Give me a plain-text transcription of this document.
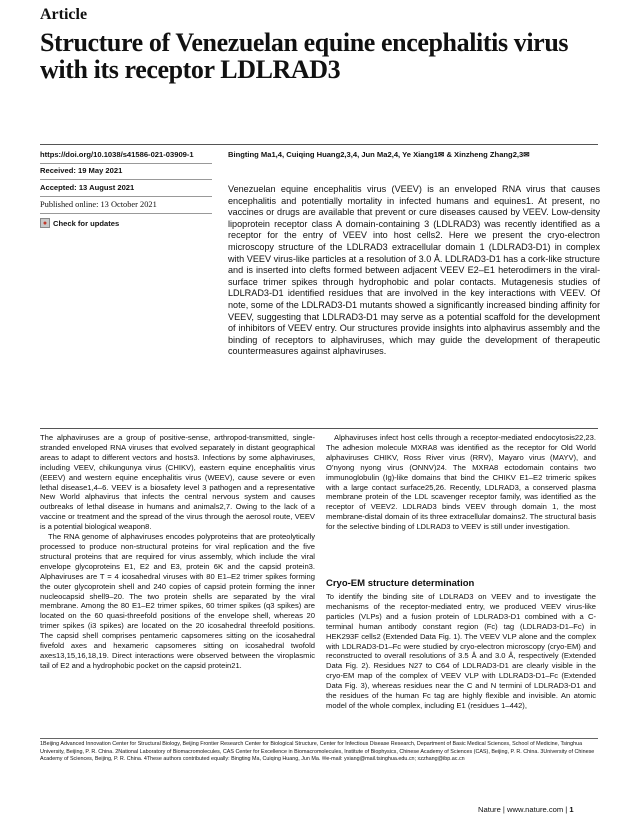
Article
Structure of Venezuelan equine encephalitis virus with its receptor LDLRAD3
https://doi.org/10.1038/s41586-021-03909-1
Received: 19 May 2021
Accepted: 13 August 2021
Published online: 13 October 2021
● Check for updates
Bingting Ma1,4, Cuiqing Huang2,3,4, Jun Ma2,4, Ye Xiang1✉ & Xinzheng Zhang2,3✉
Venezuelan equine encephalitis virus (VEEV) is an enveloped RNA virus that causes encephalitis and potentially mortality in infected humans and equines1. At present, no vaccines or drugs are available that prevent or cure diseases caused by VEEV. Low-density lipoprotein receptor class A domain-containing 3 (LDLRAD3) was recently identified as a receptor for the entry of VEEV into host cells2. Here we present the cryo-electron microscopy structure of the LDLRAD3 extracellular domain 1 (LDLRAD3-D1) in complex with VEEV virus-like particles at a resolution of 3.0 Å. LDLRAD3-D1 has a cork-like structure and is inserted into clefts formed between adjacent VEEV E2–E1 heterodimers in the viral-surface trimer spikes through hydrophobic and polar contacts. Mutagenesis studies of LDLRAD3-D1 identified residues that are involved in the key interactions with VEEV. Of note, some of the LDLRAD3-D1 mutants showed a significantly increased binding affinity for VEEV, suggesting that LDLRAD3-D1 may serve as a potential scaffold for the development of inhibitors of VEEV entry. Our structures provide insights into alphavirus assembly and the binding of receptors to alphaviruses, which may guide the development of therapeutic countermeasures against alphaviruses.

The alphaviruses are a group of positive-sense, arthropod-transmitted, single-stranded enveloped RNA viruses that evolved separately in distant geographical areas to adapt to different vectors and hosts3. Infections by some alphaviruses, including VEEV, chikungunya virus (CHIKV), eastern equine encephalitis virus (EEEV) and western equine encephalitis virus (WEEV), cause severe or even lethal disease1,4–6. VEEV is a biosafety level 3 pathogen and a representative New World alphavirus that infects the central nervous system and causes outbreaks of lethal disease in humans and animals2,7. Owing to the lack of a vaccine or treatment and the spread of the virus through the aerosol route, VEEV is a potential biological weapon8.

The RNA genome of alphaviruses encodes polyproteins that are proteolytically processed to produce non-structural proteins for viral replication and the five structural proteins that are required for virus assembly, which include the viral envelope glycoproteins E1, E2 and E3, protein 6K and the capsid protein3. Alphaviruses are T = 4 icosahedral viruses with 80 E1–E2 trimer spikes forming the outer glycoprotein shell and 240 copies of capsid protein forming the inner nucleocapsid shell9–20. The two protein shells are separated by the viral membrane. Among the 80 E1–E2 trimer spikes, 60 trimer spikes (q3 spikes) are located on the 60 quasi-threefold positions of the envelope shell, whereas 20 trimer spikes (i3 spikes) are located on the 20 icosahedral threefold positions. The capsid shell comprises pentameric capsomeres sitting on the icosahedral fivefold axes and hexameric capsomeres sitting on icosahedral twofold axes13,15,16,18,19. Direct interactions were observed between the viroplasmic tail of E2 and a hydrophobic pocket on the capsid protein21.

Alphaviruses infect host cells through a receptor-mediated endocytosis22,23. The adhesion molecule MXRA8 was identified as the receptor for Old World alphaviruses CHIKV, Ross River virus (RRV), Mayaro virus (MAYV), and O’nyong nyong virus (ONNV)24. The MXRA8 ectodomain contains two immunoglobulin (Ig)-like domains that bind the CHIKV E1–E2 trimeric spikes with a large contact surface25,26. Recently, LDLRAD3, a conserved plasma membrane protein of the LDL scavenger receptor family, was identified as the receptor of VEEV2. LDLRAD3 binds VEEV through domain 1, the most membrane-distal domain of its three extracellular domains2. The structural basis for the selective binding of LDLRAD3 to VEEV is still under investigation.

Cryo-EM structure determination

To identify the binding site of LDLRAD3 on VEEV and to investigate the mechanisms of the receptor-mediated entry, we produced VEEV virus-like particles (VLPs) and a fusion protein of LDLRAD3-D1 combined with a C-terminal human antibody constant region (Fc) tag (LDLRAD3-D1–Fc) in HEK293F cells2 (Extended Data Fig. 1). The VEEV VLP alone and the complex with LDLRAD3-D1–Fc were studied by cryo-electron microscopy (cryo-EM) and reconstructed to overall resolutions of 3.5 Å and 3.0 Å, respectively (Extended Data Fig. 2). Residues N27 to C64 of LDLRAD3-D1 are clearly visible in the cryo-EM map of the complex of VEEV VLP with LDLRAD3-D1–Fc (Extended Data Fig. 3), whereas residues near the C and N termini of LDLRAD3-D1 and the residues of the human Fc tag are highly flexible and invisible. An atomic model of the whole complex, including E1 (residues 1–442),

1Beijing Advanced Innovation Center for Structural Biology, Beijing Frontier Research Center for Biological Structure, Center for Infectious Disease Research, Department of Basic Medical Sciences, School of Medicine, Tsinghua University, Beijing, P. R. China. 2National Laboratory of Biomacromolecules, CAS Center for Excellence in Biomacromolecules, Institute of Biophysics, Chinese Academy of Sciences (CAS), Beijing, P. R. China. 3University of Chinese Academy of Sciences, Beijing, P. R. China. 4These authors contributed equally: Bingting Ma, Cuiqing Huang, Jun Ma. ✉e-mail: yxiang@mail.tsinghua.edu.cn; xzzhang@ibp.ac.cn
Nature | www.nature.com | 1
